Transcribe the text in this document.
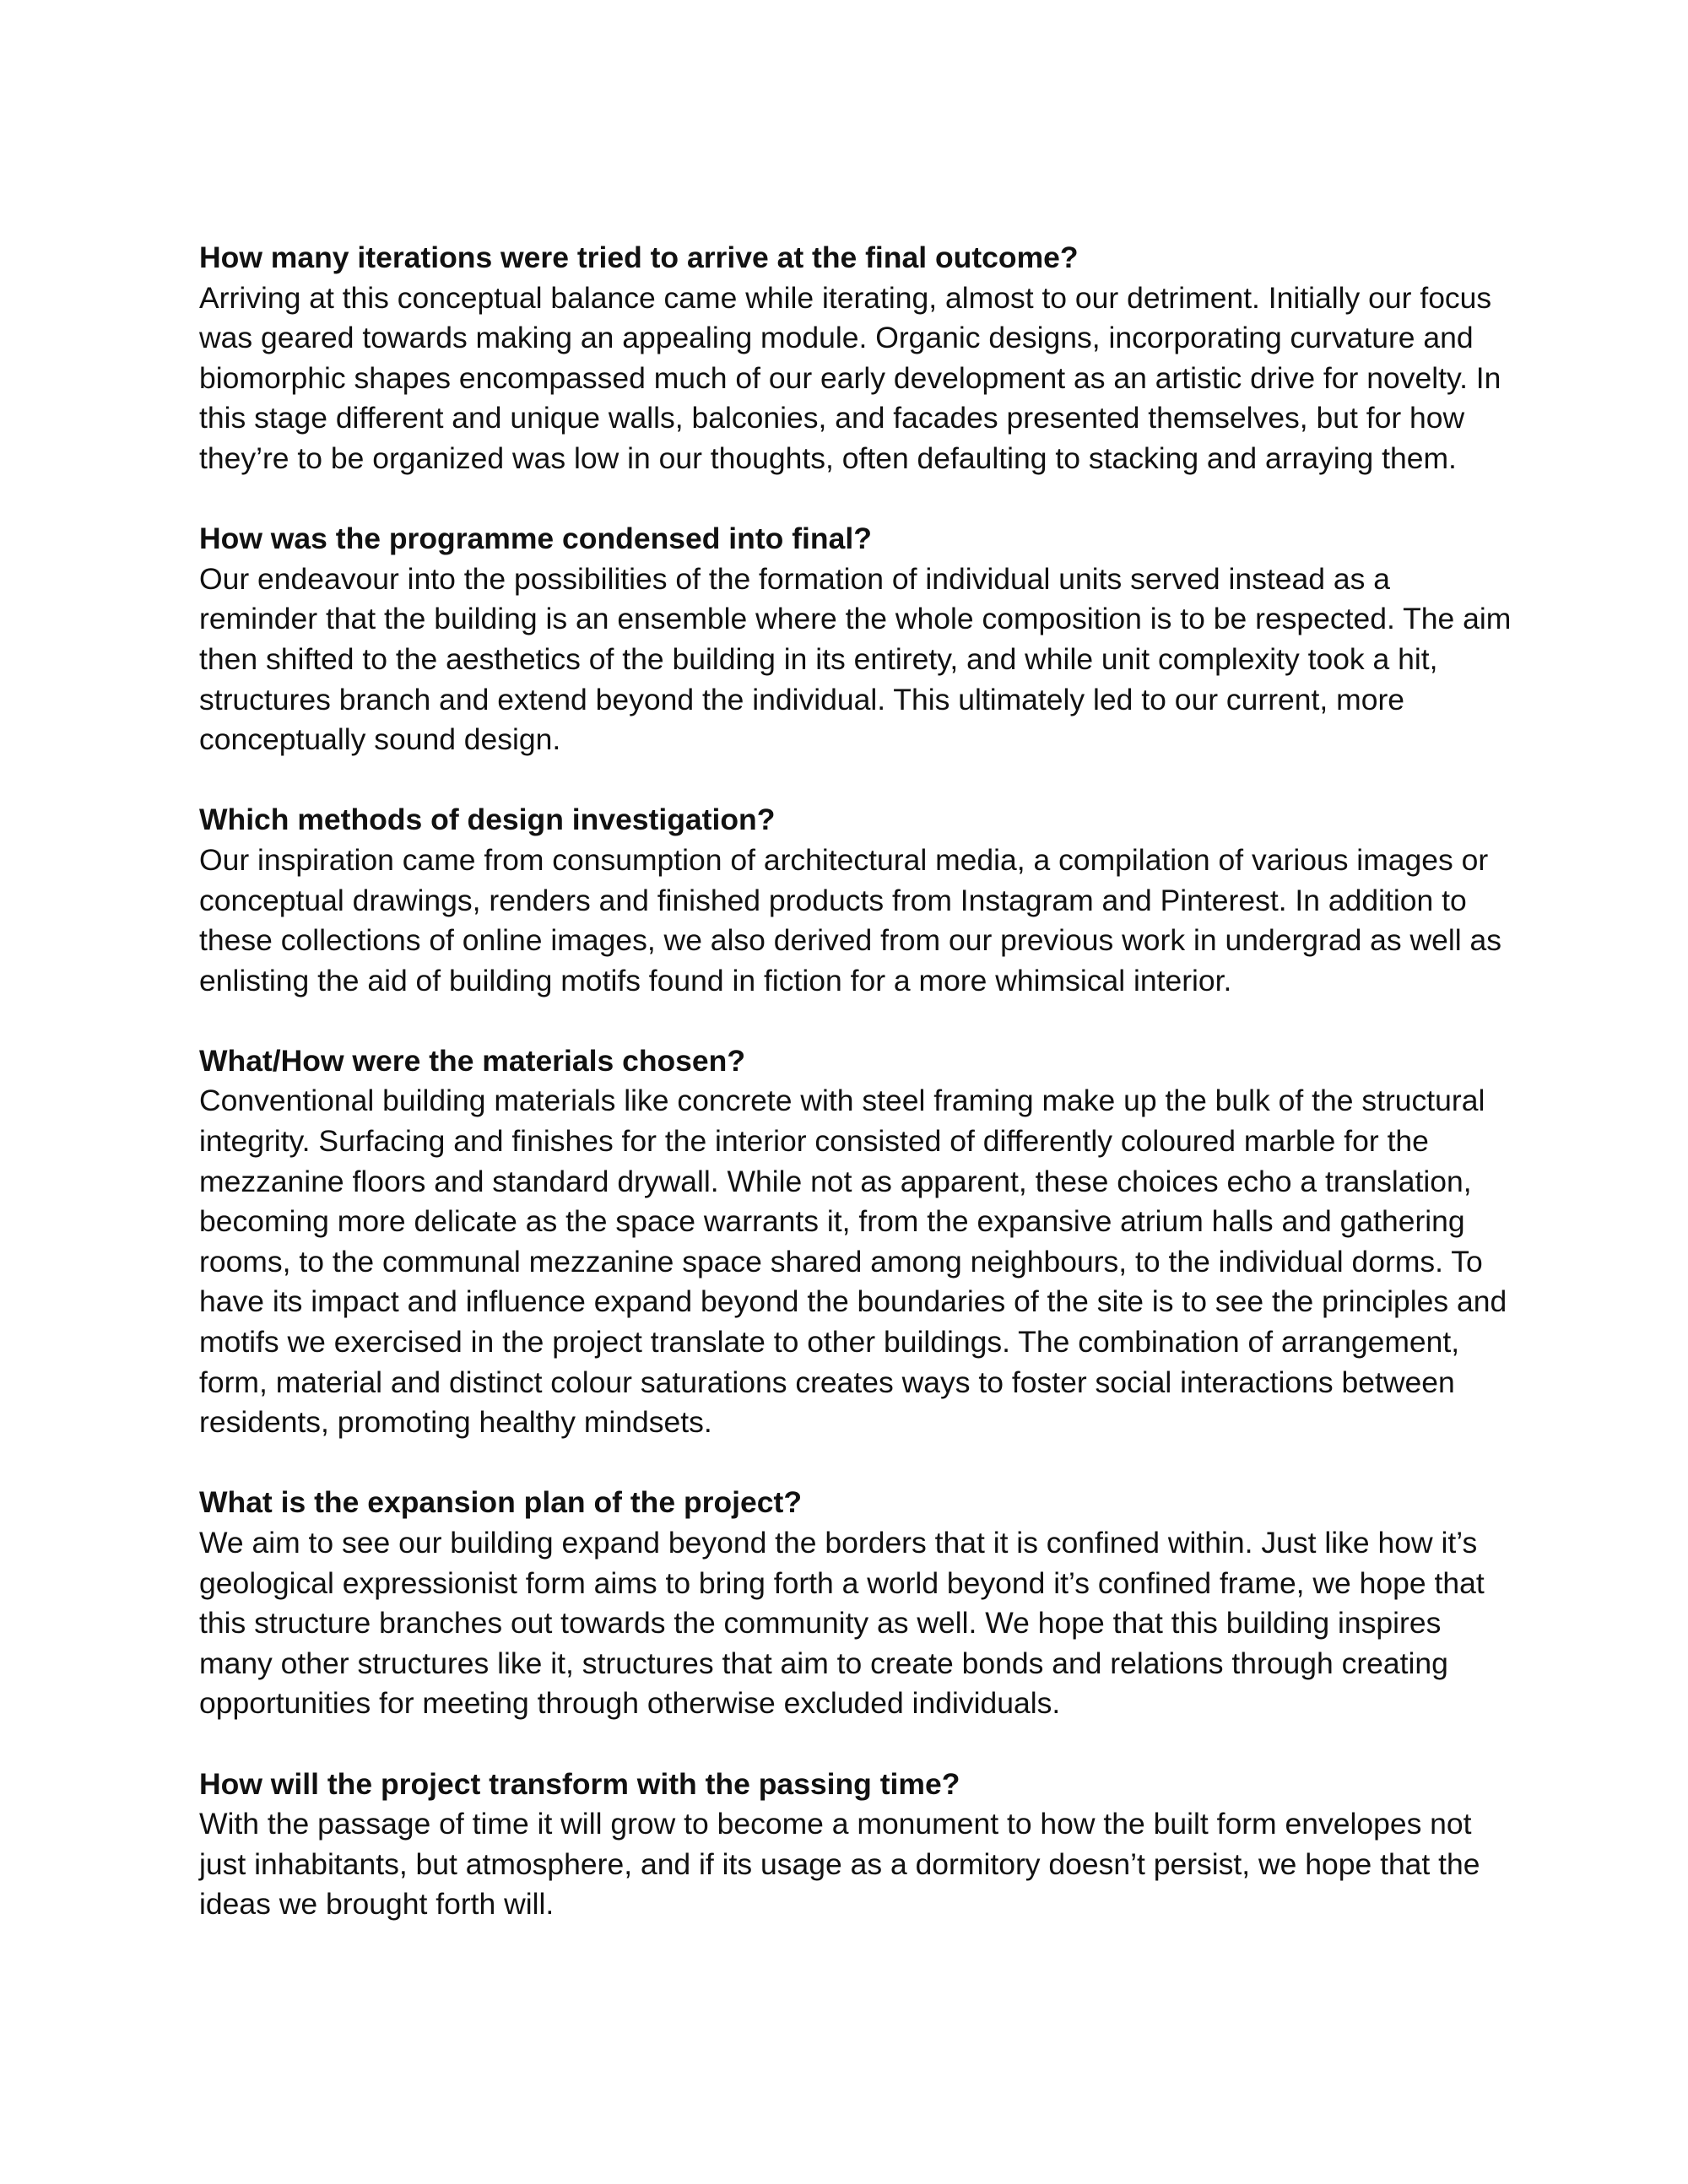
How many iterations were tried to arrive at the final outcome?

Arriving at this conceptual balance came while iterating, almost to our detriment. Initially our focus was geared towards making an appealing module. Organic designs, incorporating curvature and biomorphic shapes encompassed much of our early development as an artistic drive for novelty. In this stage different and unique walls, balconies, and facades presented themselves, but for how they’re to be organized was low in our thoughts, often defaulting to stacking and arraying them.

How was the programme condensed into final?

Our endeavour into the possibilities of the formation of individual units served instead as a reminder that the building is an ensemble where the whole composition is to be respected. The aim then shifted to the aesthetics of the building in its entirety, and while unit complexity took a hit, structures branch and extend beyond the individual. This ultimately led to our current, more conceptually sound design.

Which methods of design investigation?

Our inspiration came from consumption of architectural media, a compilation of various images or conceptual drawings, renders and finished products from Instagram and Pinterest. In addition to these collections of online images, we also derived from our previous work in undergrad as well as enlisting the aid of building motifs found in fiction for a more whimsical interior.

What/How were the materials chosen?

Conventional building materials like concrete with steel framing make up the bulk of the structural integrity. Surfacing and finishes for the interior consisted of differently coloured marble for the mezzanine floors and standard drywall. While not as apparent, these choices echo a translation, becoming more delicate as the space warrants it, from the expansive atrium halls and gathering rooms, to the communal mezzanine space shared among neighbours, to the individual dorms. To have its impact and influence expand beyond the boundaries of the site is to see the principles and motifs we exercised in the project translate to other buildings. The combination of arrangement, form, material and distinct colour saturations creates ways to foster social interactions between residents, promoting healthy mindsets.

What is the expansion plan of the project?

We aim to see our building expand beyond the borders that it is confined within. Just like how it’s geological expressionist form aims to bring forth a world beyond it’s confined frame, we hope that this structure branches out towards the community as well. We hope that this building inspires many other structures like it, structures that aim to create bonds and relations through creating opportunities for meeting through otherwise excluded individuals.

How will the project transform with the passing time?

With the passage of time it will grow to become a monument to how the built form envelopes not just inhabitants, but atmosphere, and if its usage as a dormitory doesn’t persist, we hope that the ideas we brought forth will.
